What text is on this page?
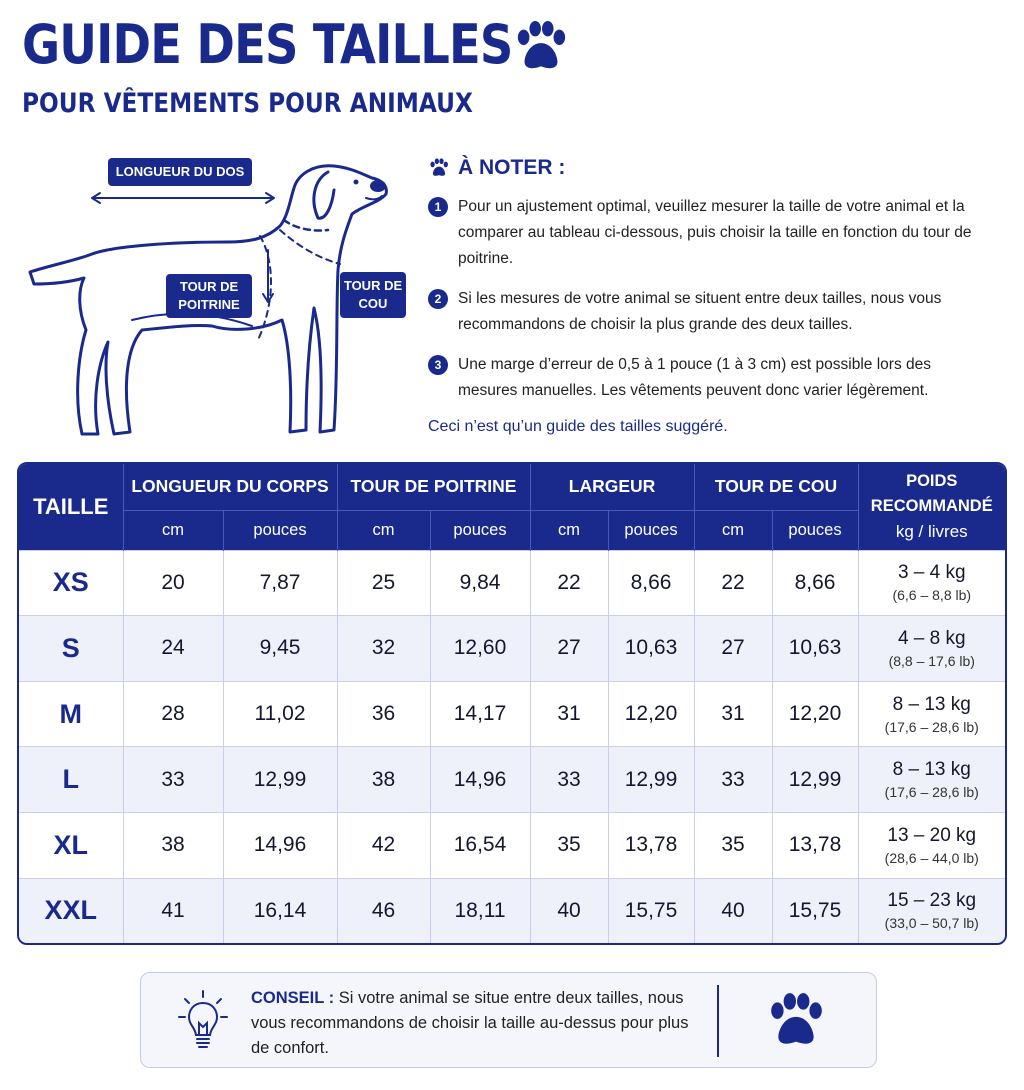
GUIDE DES TAILLES
POUR VÊTEMENTS POUR ANIMAUX
LONGUEUR DU DOS
TOUR DE
POITRINE
TOUR DE
COU
À NOTER :
1	Pour un ajustement optimal, veuillez mesurer la taille de votre animal et la comparer au tableau ci-dessous, puis choisir la taille en fonction du tour de poitrine.
2	Si les mesures de votre animal se situent entre deux tailles, nous vous recommandons de choisir la plus grande des deux tailles.
3	Une marge d’erreur de 0,5 à 1 pouce (1 à 3 cm) est possible lors des mesures manuelles. Les vêtements peuvent donc varier légèrement.
Ceci n’est qu’un guide des tailles suggéré.
TAILLE	LONGUEUR DU CORPS		TOUR DE POITRINE		LARGEUR		TOUR DE COU		POIDS
RECOMMANDÉ
kg / livres

	cm	pouces	cm	pouces	cm	pouces	cm	pouces	
XS	20	7,87	25	9,84	22	8,66	22	8,66	3 – 4 kg
(6,6 – 8,8 lb)

S	24	9,45	32	12,60	27	10,63	27	10,63	4 – 8 kg
(8,8 – 17,6 lb)

M	28	11,02	36	14,17	31	12,20	31	12,20	8 – 13 kg
(17,6 – 28,6 lb)

L	33	12,99	38	14,96	33	12,99	33	12,99	8 – 13 kg
(17,6 – 28,6 lb)

XL	38	14,96	42	16,54	35	13,78	35	13,78	13 – 20 kg
(28,6 – 44,0 lb)

XXL	41	16,14	46	18,11	40	15,75	40	15,75	15 – 23 kg
(33,0 – 50,7 lb)
CONSEIL : Si votre animal se situe entre deux tailles, nous vous recommandons de choisir la taille au-dessus pour plus de confort.
